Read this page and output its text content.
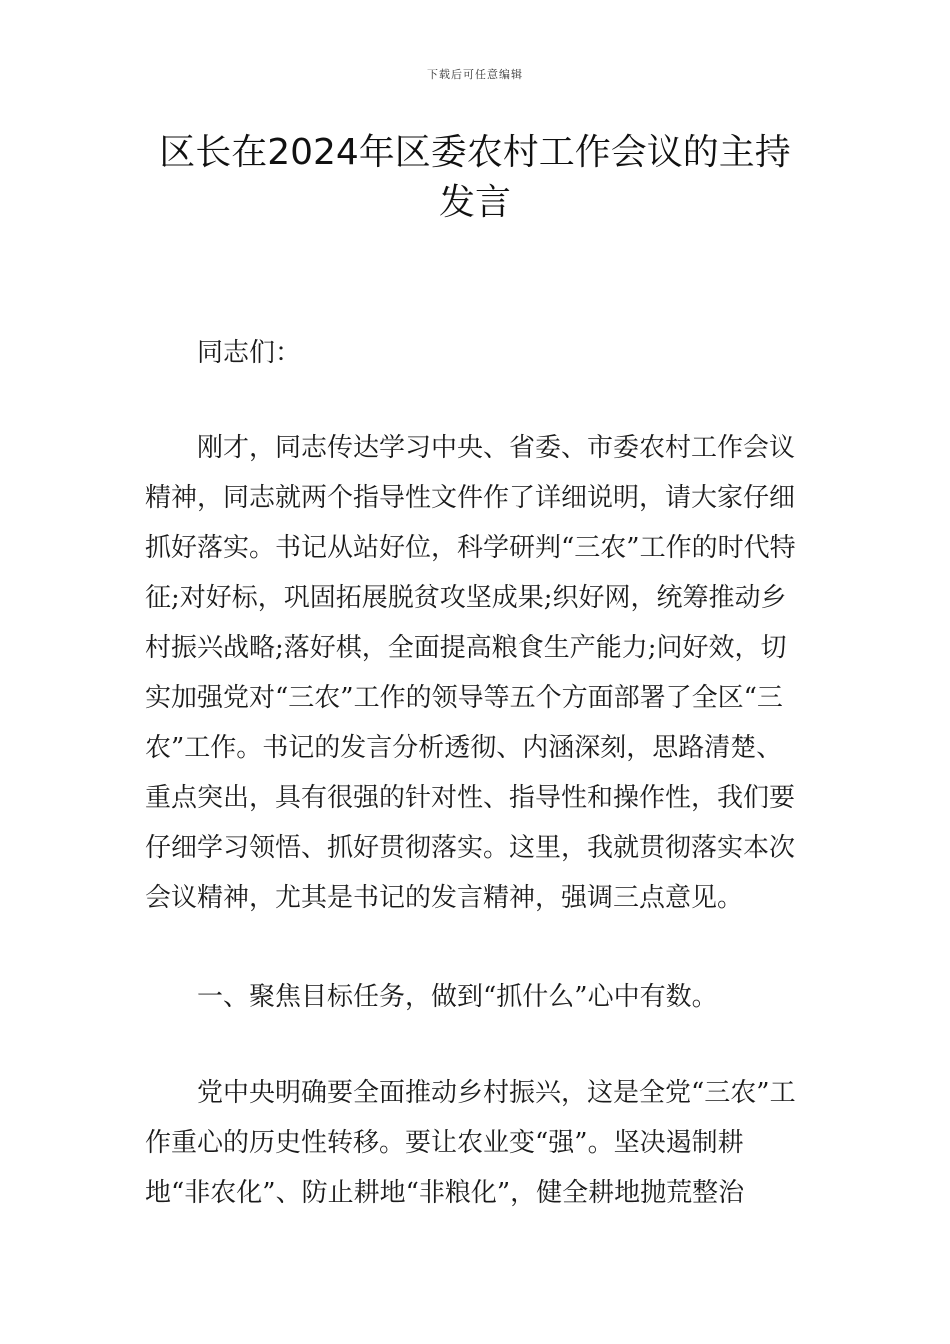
下载后可任意编辑
区长在2024年区委农村工作会议的主持发言

同志们：

刚才，同志传达学习中央、省委、市委农村工作会议精神，同志就两个指导性文件作了详细说明，请大家仔细抓好落实。书记从站好位，科学研判“三农”工作的时代特征;对好标，巩固拓展脱贫攻坚成果;织好网，统筹推动乡村振兴战略;落好棋，全面提高粮食生产能力;问好效，切实加强党对“三农”工作的领导等五个方面部署了全区“三农”工作。书记的发言分析透彻、内涵深刻，思路清楚、重点突出，具有很强的针对性、指导性和操作性，我们要仔细学习领悟、抓好贯彻落实。这里，我就贯彻落实本次会议精神，尤其是书记的发言精神，强调三点意见。

一、聚焦目标任务，做到“抓什么”心中有数。

党中央明确要全面推动乡村振兴，这是全党“三农”工作重心的历史性转移。要让农业变“强”。坚决遏制耕地“非农化”、防止耕地“非粮化”，健全耕地抛荒整治
